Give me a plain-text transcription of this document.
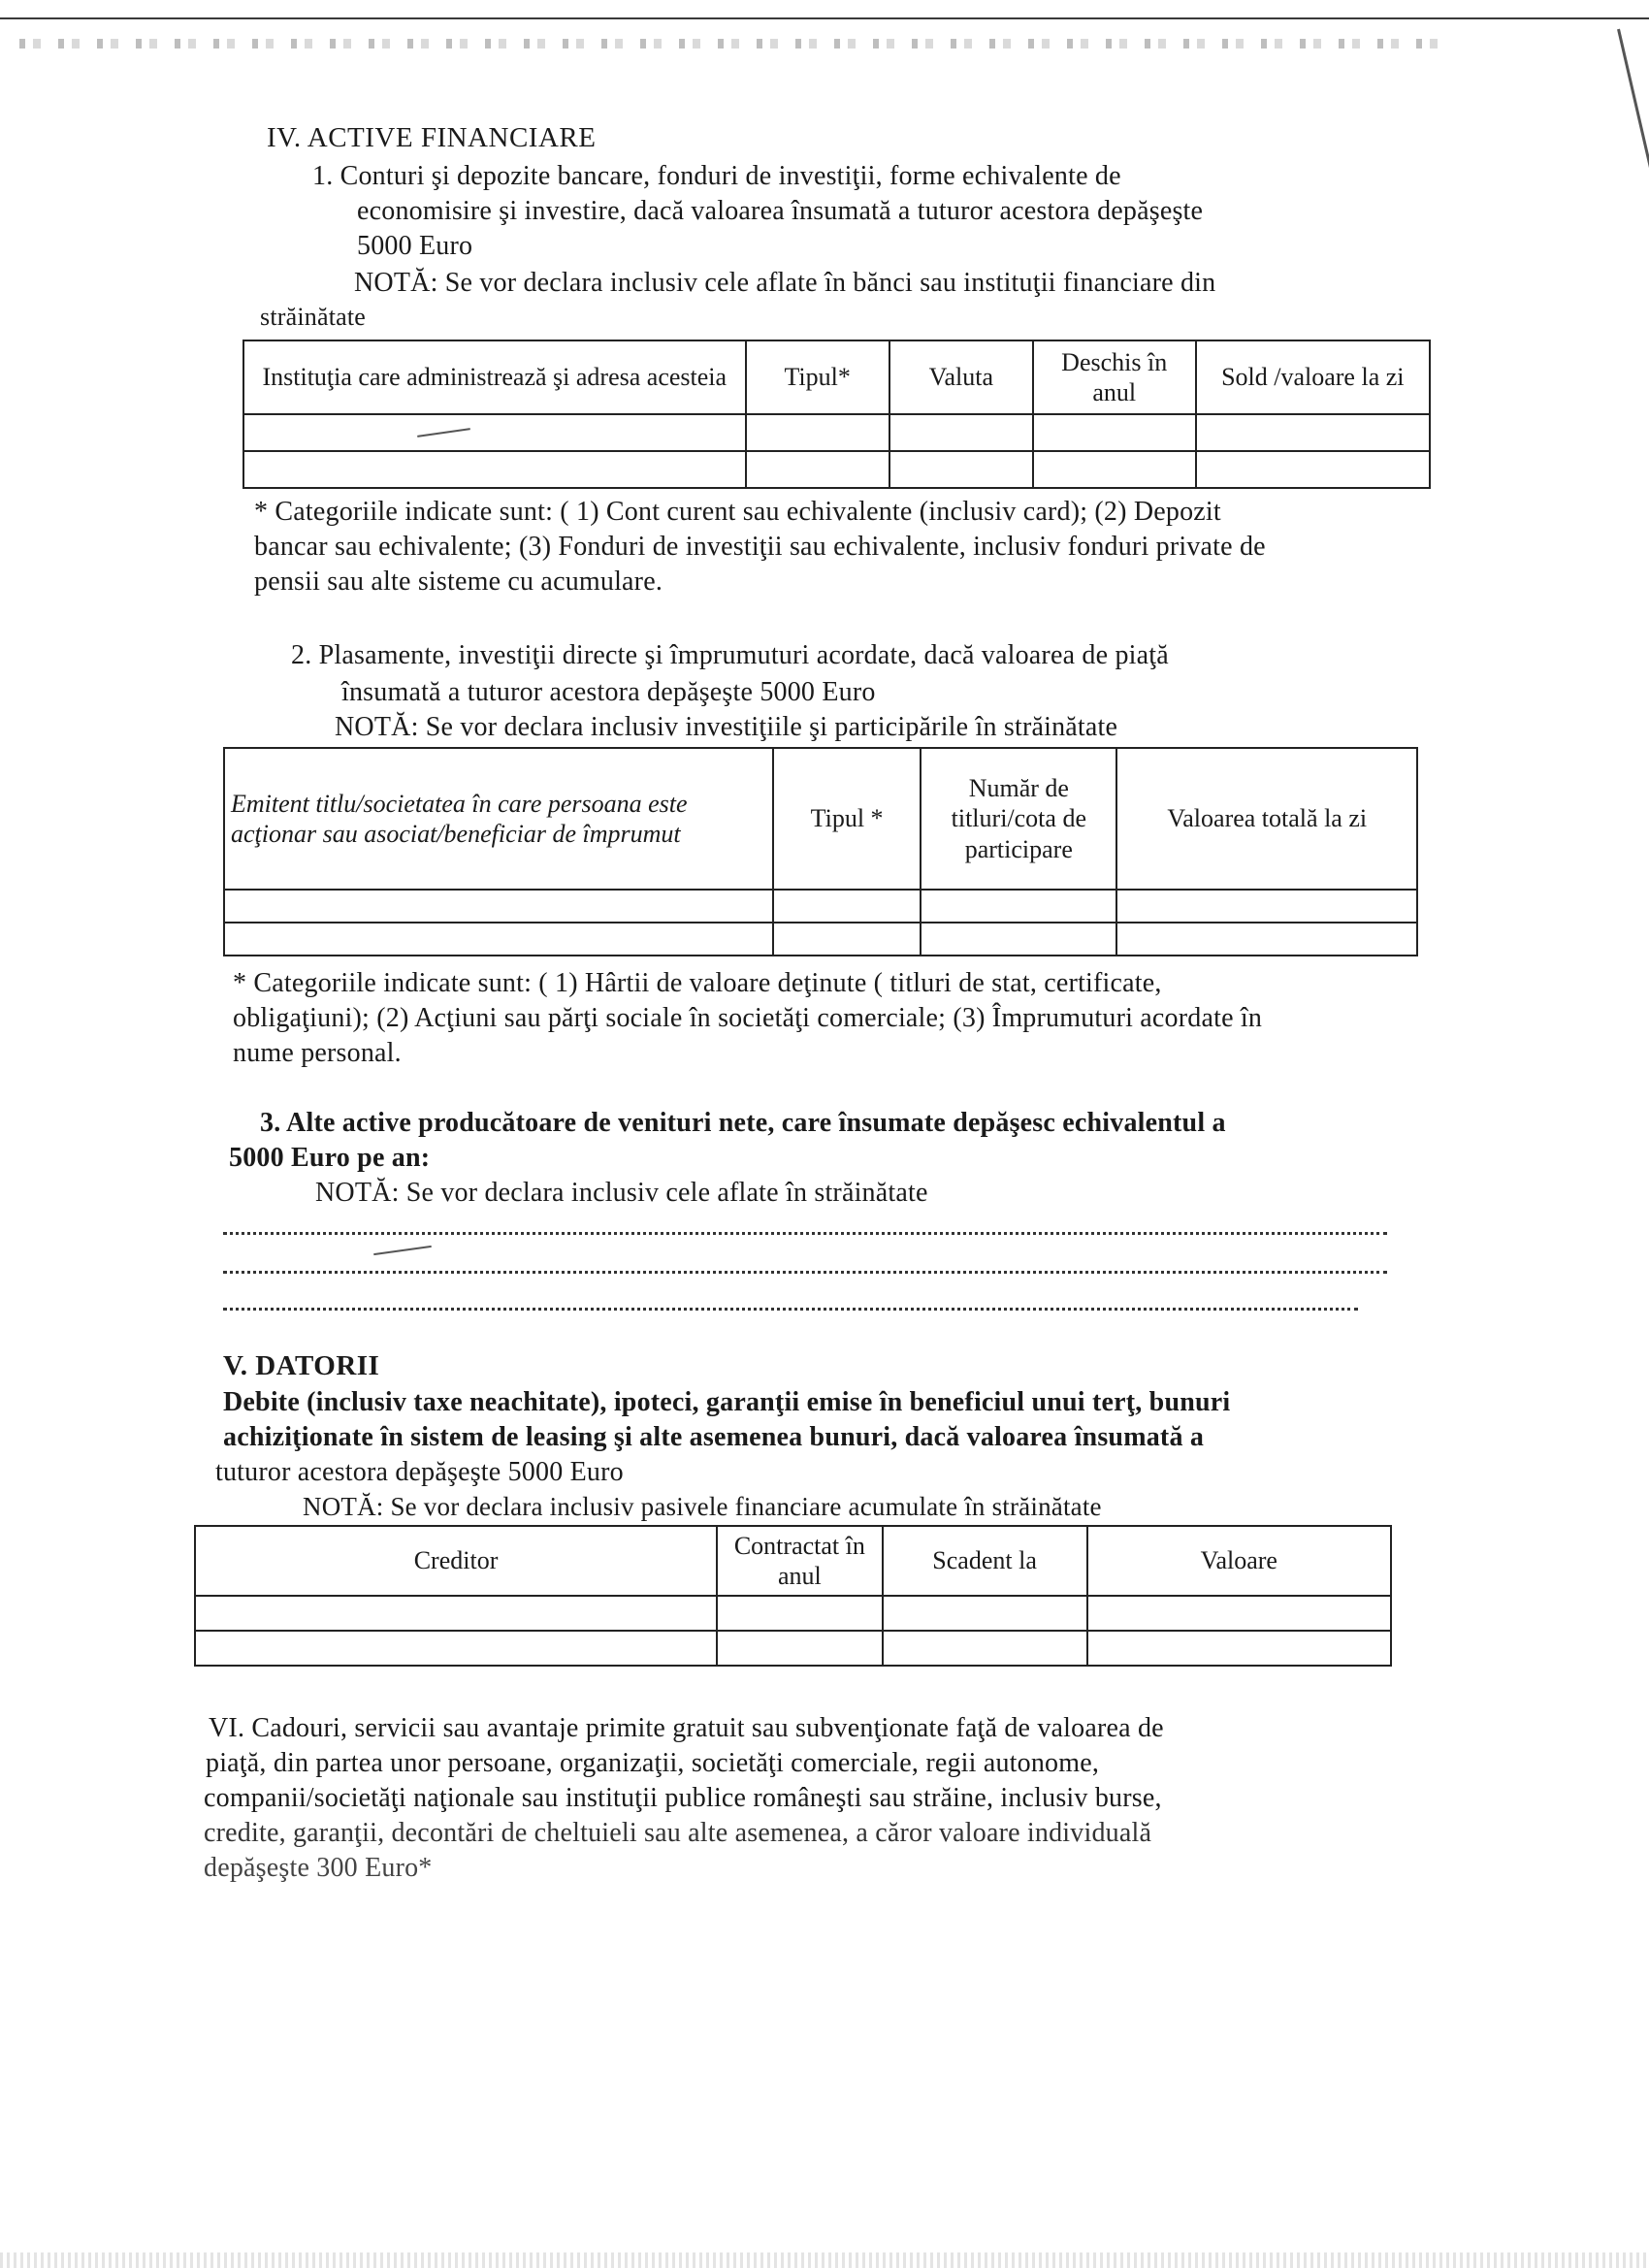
IV. ACTIVE FINANCIARE
1. Conturi şi depozite bancare, fonduri de investiţii, forme echivalente de
economisire şi investire, dacă valoarea însumată a tuturor acestora depăşeşte
5000 Euro
NOTĂ: Se vor declara inclusiv cele aflate în bănci sau instituţii financiare din
străinătate
Instituţia care administrează şi adresa acesteia	Tipul*	Valuta	Deschis în anul	Sold /valoare la zi

* Categoriile indicate sunt: ( 1) Cont curent sau echivalente (inclusiv card); (2) Depozit
bancar sau echivalente; (3) Fonduri de investiţii sau echivalente, inclusiv fonduri private de
pensii sau alte sisteme cu acumulare.
2. Plasamente, investiţii directe şi împrumuturi acordate, dacă valoarea de piaţă
însumată a tuturor acestora depăşeşte 5000 Euro
NOTĂ: Se vor declara inclusiv investiţiile şi participările în străinătate
Emitent titlu/societatea în care persoana este acţionar sau asociat/beneficiar de împrumut	Tipul *	Număr de titluri/cota de participare	Valoarea totală la zi

* Categoriile indicate sunt: ( 1) Hârtii de valoare deţinute ( titluri de stat, certificate,
obligaţiuni); (2) Acţiuni sau părţi sociale în societăţi comerciale; (3) Împrumuturi acordate în
nume personal.
3. Alte active producătoare de venituri nete, care însumate depăşesc echivalentul a
5000 Euro pe an:
NOTĂ: Se vor declara inclusiv cele aflate în străinătate
V. DATORII
Debite (inclusiv taxe neachitate), ipoteci, garanţii emise în beneficiul unui terţ, bunuri
achiziţionate în sistem de leasing şi alte asemenea bunuri, dacă valoarea însumată a
tuturor acestora depăşeşte 5000 Euro
NOTĂ: Se vor declara inclusiv pasivele financiare acumulate în străinătate
Creditor	Contractat în anul	Scadent la	Valoare

VI. Cadouri, servicii sau avantaje primite gratuit sau subvenţionate faţă de valoarea de
piaţă, din partea unor persoane, organizaţii, societăţi comerciale, regii autonome,
companii/societăţi naţionale sau instituţii publice româneşti sau străine, inclusiv burse,
credite, garanţii, decontări de cheltuieli sau alte asemenea, a căror valoare individuală
depăşeşte 300 Euro*
